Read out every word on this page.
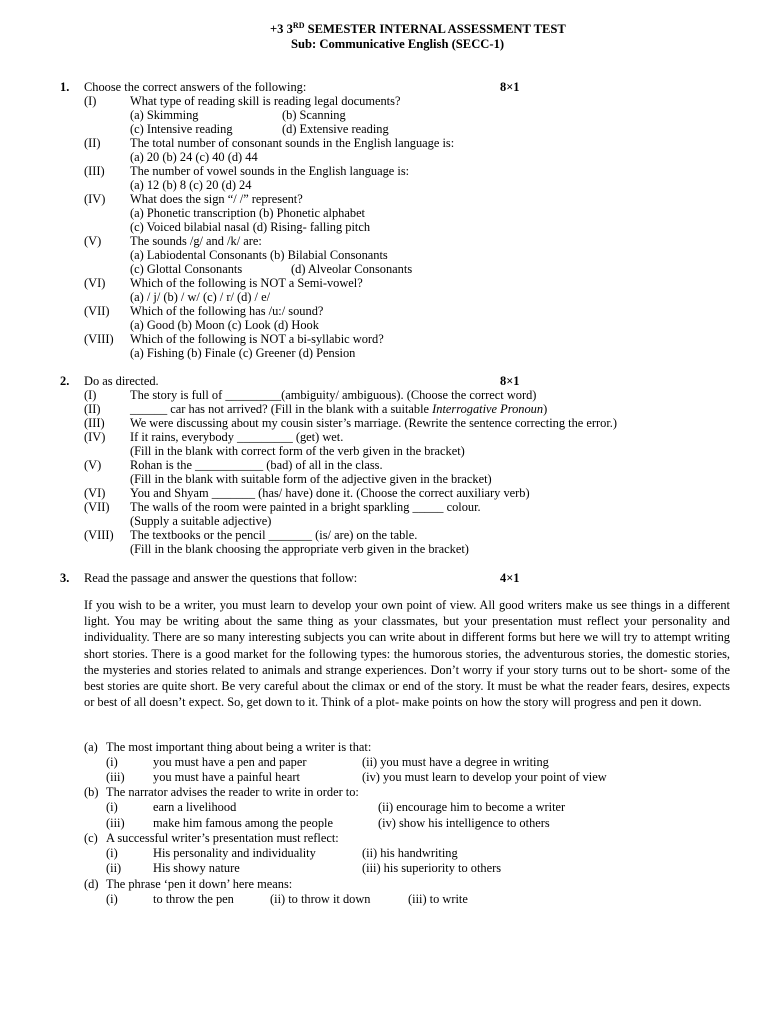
+3 3RD SEMESTER INTERNAL ASSESSMENT TEST
Sub: Communicative English (SECC-1)
1. Choose the correct answers of the following:	8×1
(I)	What type of reading skill is reading legal documents?
(a) Skimming	(b) Scanning
(c) Intensive reading	(d) Extensive reading
(II) The total number of consonant sounds in the English language is:
(a) 20 (b) 24 (c) 40 (d) 44
(III) The number of vowel sounds in the English language is:
(a) 12 (b) 8 (c) 20 (d) 24
(IV) What does the sign “/ /” represent?
(a) Phonetic transcription (b) Phonetic alphabet
(c) Voiced bilabial nasal (d) Rising- falling pitch
(V) The sounds /g/ and /k/ are:
(a) Labiodental Consonants (b) Bilabial Consonants
(c) Glottal Consonants	(d) Alveolar Consonants
(VI) Which of the following is NOT a Semi-vowel?
(a) / j/ (b) / w/ (c) / r/ (d) / e/
(VII) Which of the following has /u:/ sound?
(a) Good (b) Moon (c) Look (d) Hook
(VIII) Which of the following is NOT a bi-syllabic word?
(a) Fishing (b) Finale (c) Greener (d) Pension
2. Do as directed.	8×1
(I)	The story is full of _________(ambiguity/ ambiguous). (Choose the correct word)
(II) ______ car has not arrived? (Fill in the blank with a suitable Interrogative Pronoun)
(III) We were discussing about my cousin sister’s marriage. (Rewrite the sentence correcting the error.)
(IV) If it rains, everybody _________ (get) wet.
(Fill in the blank with correct form of the verb given in the bracket)
(V) Rohan is the ___________ (bad) of all in the class.
(Fill in the blank with suitable form of the adjective given in the bracket)
(VI) You and Shyam _______ (has/ have) done it. (Choose the correct auxiliary verb)
(VII) The walls of the room were painted in a bright sparkling _____ colour.
(Supply a suitable adjective)
(VIII) The textbooks or the pencil _______ (is/ are) on the table.
(Fill in the blank choosing the appropriate verb given in the bracket)
3. Read the passage and answer the questions that follow:	4×1
If you wish to be a writer, you must learn to develop your own point of view. All good writers make us see things in a different light. You may be writing about the same thing as your classmates, but your presentation must reflect your personality and individuality. There are so many interesting subjects you can write about in different forms but here we will try to attempt writing short stories. There is a good market for the following types: the humorous stories, the adventurous stories, the domestic stories, the mysteries and stories related to animals and strange experiences. Don’t worry if your story turns out to be short- some of the best stories are quite short. Be very careful about the climax or end of the story. It must be what the reader fears, desires, expects or best of all doesn’t expect. So, get down to it. Think of a plot- make points on how the story will progress and pen it down.
(a) The most important thing about being a writer is that:
(i)	you must have a pen and paper	(ii) you must have a degree in writing
(iii) you must have a painful heart	(iv) you must learn to develop your point of view
(b) The narrator advises the reader to write in order to:
(i)	earn a livelihood	(ii) encourage him to become a writer
(iii) make him famous among the people	(iv) show his intelligence to others
(c) A successful writer’s presentation must reflect:
(i)	His personality and individuality	(ii) his handwriting
(ii)	His showy nature	(iii) his superiority to others
(d) The phrase ‘pen it down’ here means:
(i)	to throw the pen	(ii) to throw it down	(iii) to write
